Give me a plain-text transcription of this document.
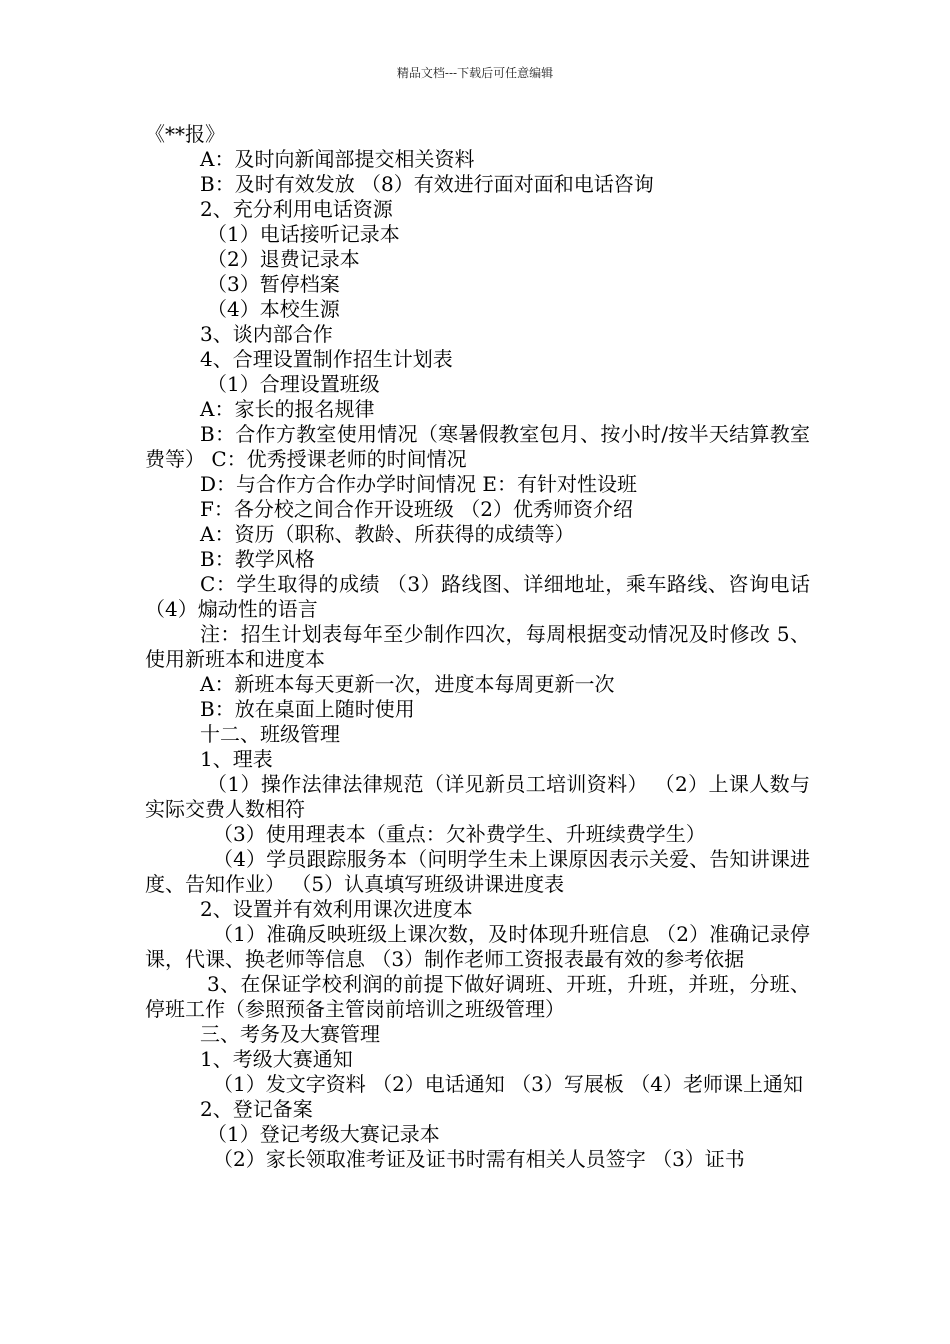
精品文档---下载后可任意编辑

《**报》

A：及时向新闻部提交相关资料

B：及时有效发放 （8）有效进行面对面和电话咨询

2、充分利用电话资源

（1）电话接听记录本

（2）退费记录本

（3）暂停档案

（4）本校生源

3、谈内部合作

4、合理设置制作招生计划表

（1）合理设置班级

A：家长的报名规律

B：合作方教室使用情况（寒暑假教室包月、按小时/按半天结算教室费等） C：优秀授课老师的时间情况

D：与合作方合作办学时间情况 E：有针对性设班

F：各分校之间合作开设班级 （2）优秀师资介绍

A：资历（职称、教龄、所获得的成绩等）

B：教学风格

C：学生取得的成绩 （3）路线图、详细地址，乘车路线、咨询电话 （4）煽动性的语言

注：招生计划表每年至少制作四次，每周根据变动情况及时修改 5、使用新班本和进度本

A：新班本每天更新一次，进度本每周更新一次

B：放在桌面上随时使用

十二、班级管理

1、理表

（1）操作法律法律规范（详见新员工培训资料） （2）上课人数与实际交费人数相符

（3）使用理表本（重点：欠补费学生、升班续费学生）

（4）学员跟踪服务本（问明学生未上课原因表示关爱、告知讲课进度、告知作业） （5）认真填写班级讲课进度表

2、设置并有效利用课次进度本

（1）准确反映班级上课次数，及时体现升班信息 （2）准确记录停课，代课、换老师等信息 （3）制作老师工资报表最有效的参考依据

3、在保证学校利润的前提下做好调班、开班，升班，并班，分班、停班工作（参照预备主管岗前培训之班级管理）

三、考务及大赛管理

1、考级大赛通知

（1）发文字资料 （2）电话通知 （3）写展板 （4）老师课上通知

2、登记备案

（1）登记考级大赛记录本

（2）家长领取准考证及证书时需有相关人员签字 （3）证书
